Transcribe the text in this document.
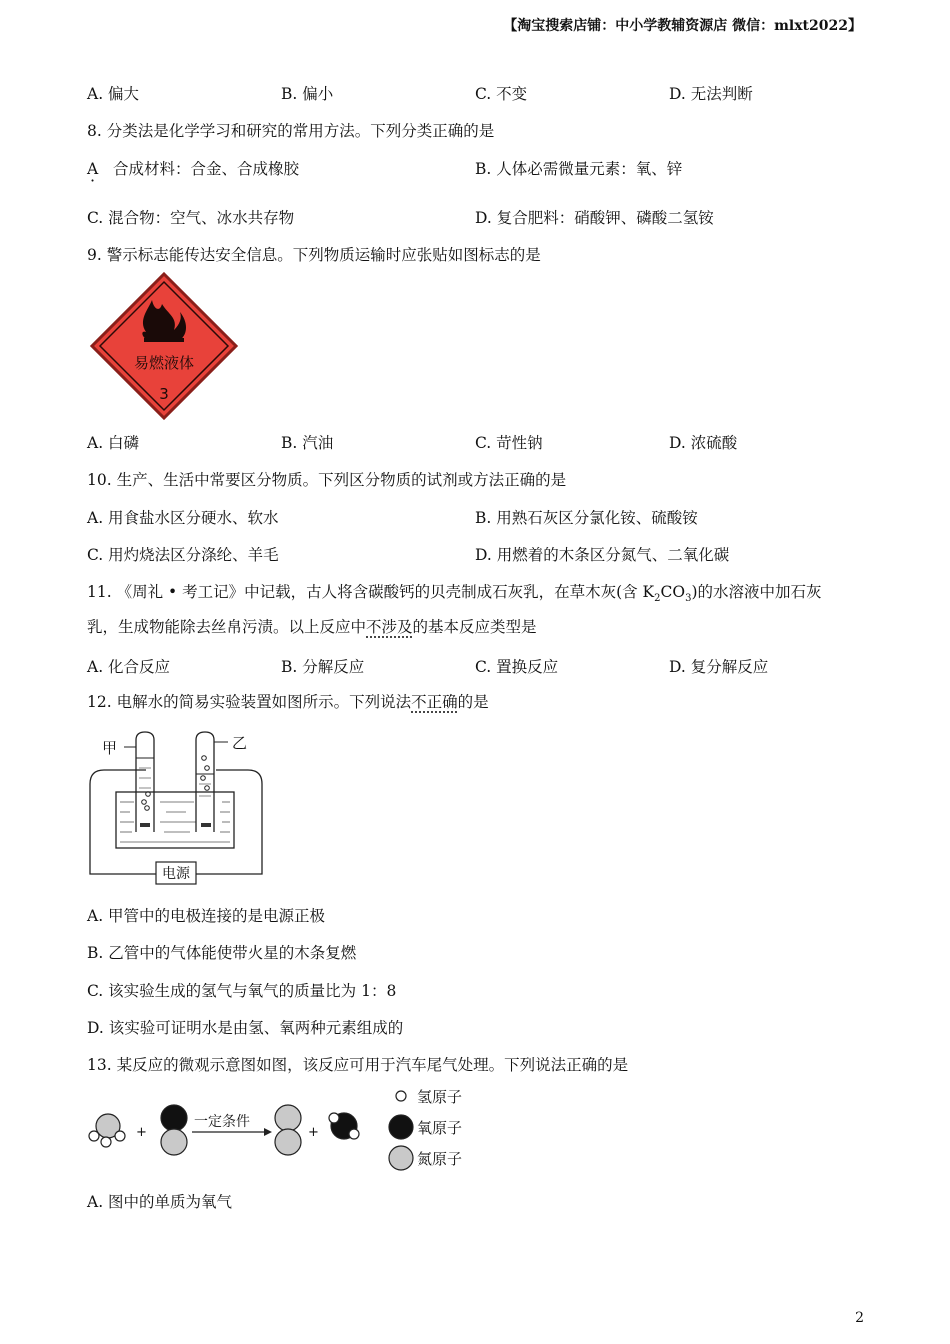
【淘宝搜索店铺：中小学教辅资源店 微信：mlxt2022】
A. 偏大	B. 偏小	C. 不变	D. 无法判断
8. 分类法是化学学习和研究的常用方法。下列分类正确的是
A · 合成材料：合金、合成橡胶	B. 人体必需微量元素：氧、锌
C. 混合物：空气、冰水共存物	D. 复合肥料：硝酸钾、磷酸二氢铵
9. 警示标志能传达安全信息。下列物质运输时应张贴如图标志的是
易燃液体
3
A. 白磷	B. 汽油	C. 苛性钠	D. 浓硫酸
10. 生产、生活中常要区分物质。下列区分物质的试剂或方法正确的是
A. 用食盐水区分硬水、软水	B. 用熟石灰区分氯化铵、硫酸铵
C. 用灼烧法区分涤纶、羊毛	D. 用燃着的木条区分氮气、二氧化碳
11. 《周礼 • 考工记》中记载，古人将含碳酸钙的贝壳制成石灰乳，在草木灰(含 $K_2CO_3$)的水溶液中加石灰
乳，生成物能除去丝帛污渍。以上反应中不涉及的基本反应类型是
A. 化合反应	B. 分解反应	C. 置换反应	D. 复分解反应
12. 电解水的简易实验装置如图所示。下列说法不正确的是
甲	乙
电源
A. 甲管中的电极连接的是电源正极
B. 乙管中的气体能使带火星的木条复燃
C. 该实验生成的氢气与氧气的质量比为 1：8
D. 该实验可证明水是由氢、氧两种元素组成的
13. 某反应的微观示意图如图，该反应可用于汽车尾气处理。下列说法正确的是
+
一定条件
+
氢原子
氧原子
氮原子
A. 图中的单质为氧气
2
